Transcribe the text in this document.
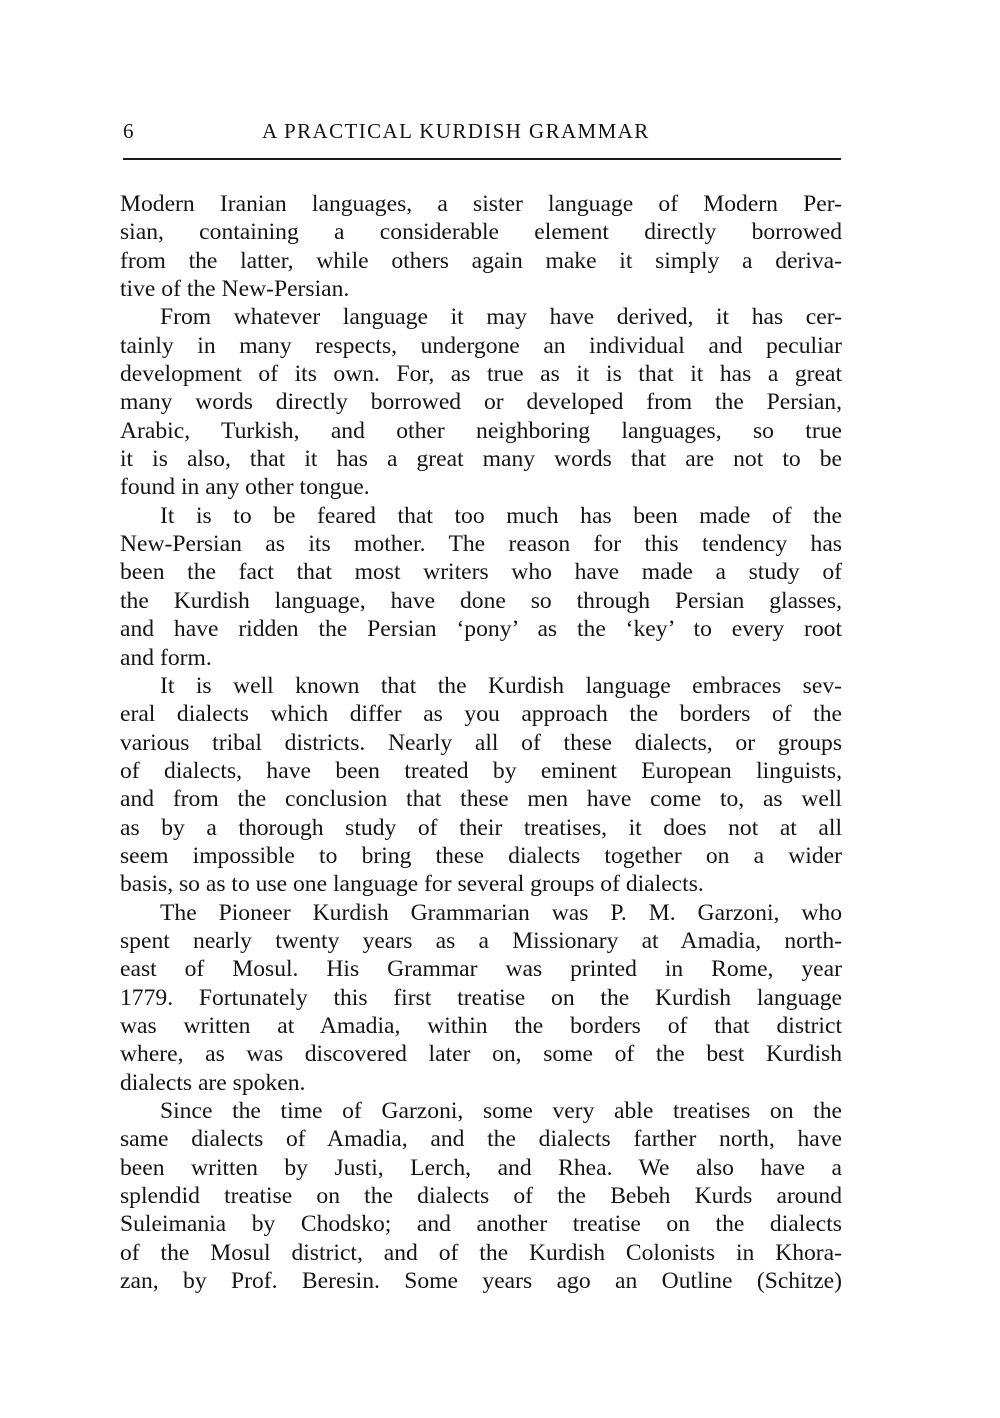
6	A PRACTICAL KURDISH GRAMMAR
Modern Iranian languages, a sister language of Modern Per-
sian, containing a considerable element directly borrowed
from the latter, while others again make it simply a deriva-
tive of the New-Persian.
From whatever language it may have derived, it has cer-
tainly in many respects, undergone an individual and peculiar
development of its own. For, as true as it is that it has a great
many words directly borrowed or developed from the Persian,
Arabic, Turkish, and other neighboring languages, so true
it is also, that it has a great many words that are not to be
found in any other tongue.
It is to be feared that too much has been made of the
New-Persian as its mother. The reason for this tendency has
been the fact that most writers who have made a study of
the Kurdish language, have done so through Persian glasses,
and have ridden the Persian ‘pony’ as the ‘key’ to every root
and form.
It is well known that the Kurdish language embraces sev-
eral dialects which differ as you approach the borders of the
various tribal districts. Nearly all of these dialects, or groups
of dialects, have been treated by eminent European linguists,
and from the conclusion that these men have come to, as well
as by a thorough study of their treatises, it does not at all
seem impossible to bring these dialects together on a wider
basis, so as to use one language for several groups of dialects.
The Pioneer Kurdish Grammarian was P. M. Garzoni, who
spent nearly twenty years as a Missionary at Amadia, north-
east of Mosul. His Grammar was printed in Rome, year
1779. Fortunately this first treatise on the Kurdish language
was written at Amadia, within the borders of that district
where, as was discovered later on, some of the best Kurdish
dialects are spoken.
Since the time of Garzoni, some very able treatises on the
same dialects of Amadia, and the dialects farther north, have
been written by Justi, Lerch, and Rhea. We also have a
splendid treatise on the dialects of the Bebeh Kurds around
Suleimania by Chodsko; and another treatise on the dialects
of the Mosul district, and of the Kurdish Colonists in Khora-
zan, by Prof. Beresin. Some years ago an Outline (Schitze)
